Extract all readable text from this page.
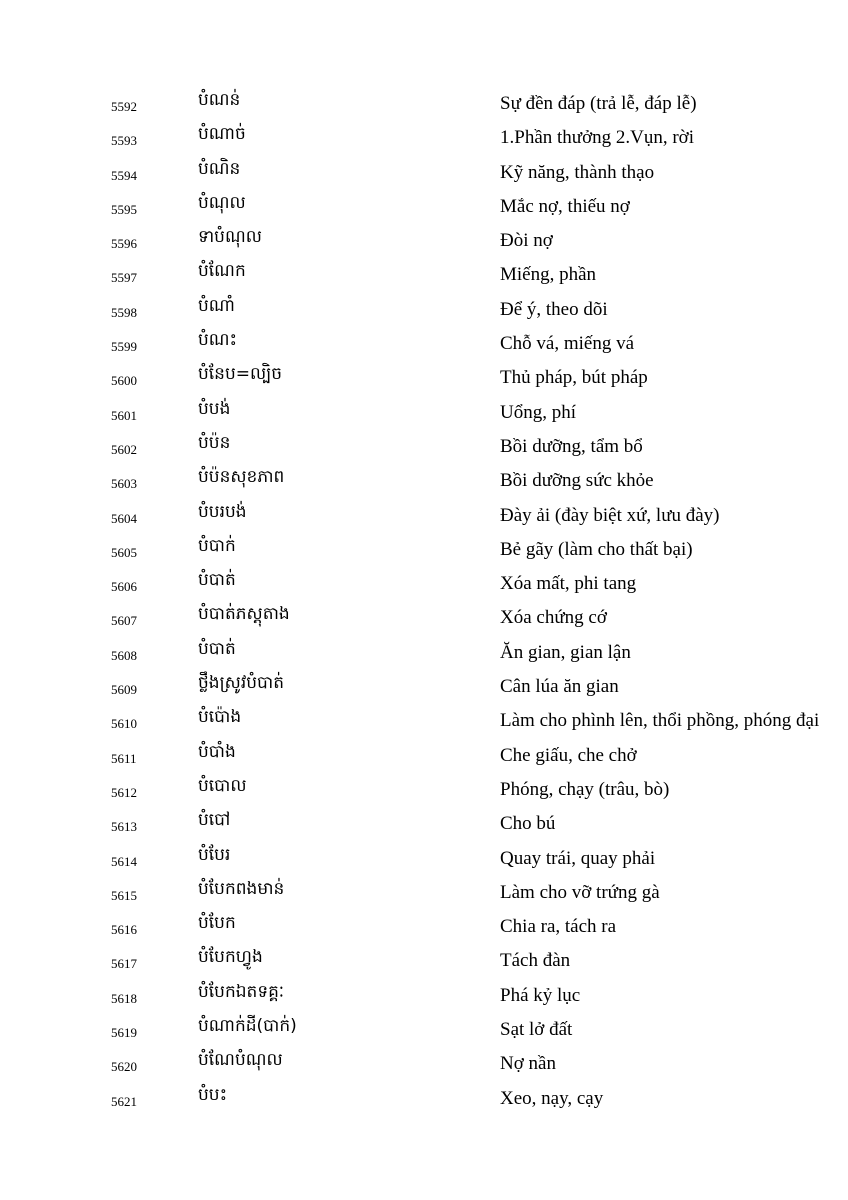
5592	បំណន់	Sự đền đáp (trả lễ, đáp lễ)
5593	បំណាច់	1.Phần thưởng 2.Vụn, rời
5594	បំណិន	Kỹ năng, thành thạo
5595	បំណុល	Mắc nợ, thiếu nợ
5596	ទាបំណុល	Đòi nợ
5597	បំណែក	Miếng, phần
5598	បំណាំ	Để ý, theo dõi
5599	បំណះ	Chỗ vá, miếng vá
5600	បំនែប=ល្បិច	Thủ pháp, bút pháp
5601	បំបង់	Uổng, phí
5602	បំប៉ន	Bồi dưỡng, tẩm bổ
5603	បំប៉នសុខភាព	Bồi dưỡng sức khỏe
5604	បំបរបង់	Đày ải (đày biệt xứ, lưu đày)
5605	បំបាក់	Bẻ gãy (làm cho thất bại)
5606	បំបាត់	Xóa mất, phi tang
5607	បំបាត់ភស្តុតាង	Xóa chứng cớ
5608	បំបាត់	Ăn gian, gian lận
5609	ថ្លឹងស្រូវបំបាត់	Cân lúa ăn gian
5610	បំប៉ោង	Làm cho phình lên, thổi phồng, phóng đại
5611	បំបាំង	Che giấu, che chở
5612	បំបោល	Phóng, chạy (trâu, bò)
5613	បំបៅ	Cho bú
5614	បំបែរ	Quay trái, quay phải
5615	បំបែកពងមាន់	Làm cho vỡ trứng gà
5616	បំបែក	Chia ra, tách ra
5617	បំបែកហ្វូង	Tách đàn
5618	បំបែកឯតទគ្គៈ	Phá kỷ lục
5619	បំណាក់ដី(បាក់)	Sạt lở đất
5620	បំណែបំណុល	Nợ nần
5621	បំបះ	Xeo, nạy, cạy
